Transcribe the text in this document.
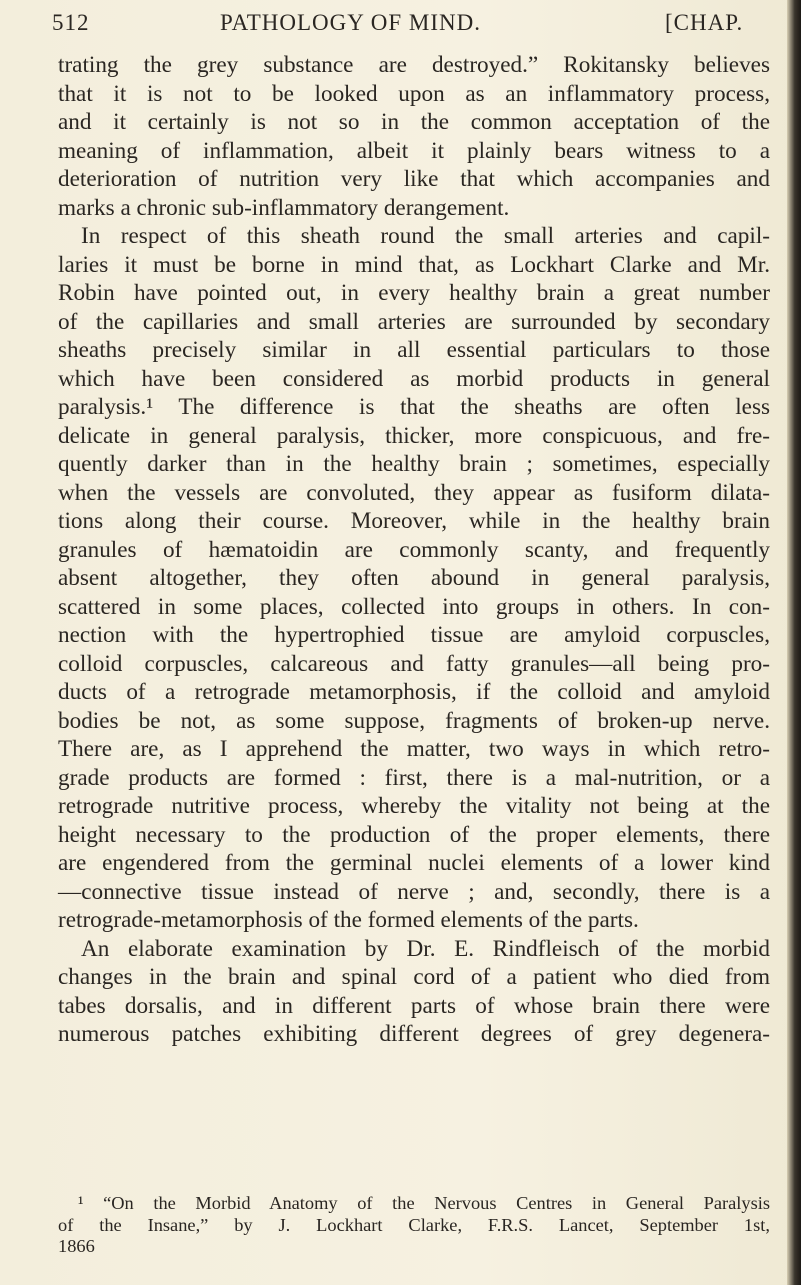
512	PATHOLOGY OF MIND.	[CHAP.
trating the grey substance are destroyed.” Rokitansky believes
that it is not to be looked upon as an inflammatory process,
and it certainly is not so in the common acceptation of the
meaning of inflammation, albeit it plainly bears witness to a
deterioration of nutrition very like that which accompanies and
marks a chronic sub-inflammatory derangement.
In respect of this sheath round the small arteries and capil-
laries it must be borne in mind that, as Lockhart Clarke and Mr.
Robin have pointed out, in every healthy brain a great number
of the capillaries and small arteries are surrounded by secondary
sheaths precisely similar in all essential particulars to those
which have been considered as morbid products in general
paralysis.¹ The difference is that the sheaths are often less
delicate in general paralysis, thicker, more conspicuous, and fre-
quently darker than in the healthy brain ; sometimes, especially
when the vessels are convoluted, they appear as fusiform dilata-
tions along their course. Moreover, while in the healthy brain
granules of hæmatoidin are commonly scanty, and frequently
absent altogether, they often abound in general paralysis,
scattered in some places, collected into groups in others. In con-
nection with the hypertrophied tissue are amyloid corpuscles,
colloid corpuscles, calcareous and fatty granules—all being pro-
ducts of a retrograde metamorphosis, if the colloid and amyloid
bodies be not, as some suppose, fragments of broken-up nerve.
There are, as I apprehend the matter, two ways in which retro-
grade products are formed : first, there is a mal-nutrition, or a
retrograde nutritive process, whereby the vitality not being at the
height necessary to the production of the proper elements, there
are engendered from the germinal nuclei elements of a lower kind
—connective tissue instead of nerve ; and, secondly, there is a
retrograde-metamorphosis of the formed elements of the parts.
An elaborate examination by Dr. E. Rindfleisch of the morbid
changes in the brain and spinal cord of a patient who died from
tabes dorsalis, and in different parts of whose brain there were
numerous patches exhibiting different degrees of grey degenera-
¹ “On the Morbid Anatomy of the Nervous Centres in General Paralysis
of the Insane,” by J. Lockhart Clarke, F.R.S. Lancet, September 1st,
1866
